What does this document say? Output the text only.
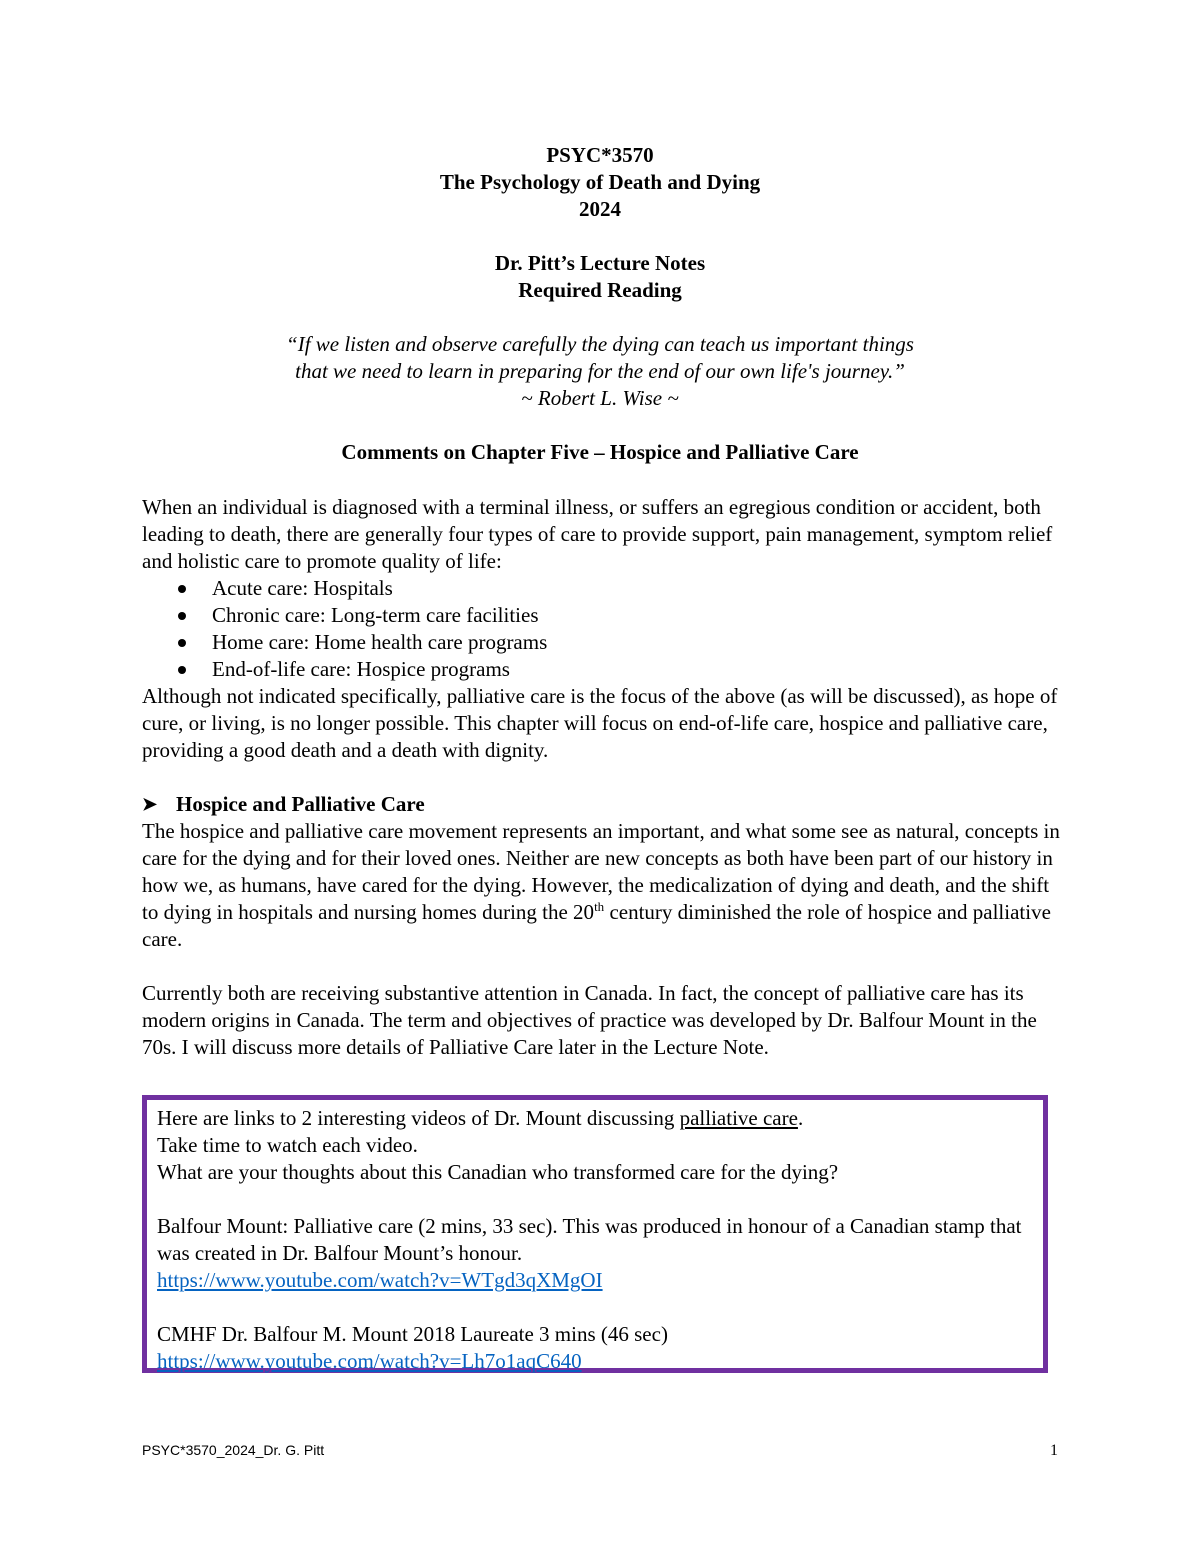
PSYC*3570
The Psychology of Death and Dying
2024
Dr. Pitt’s Lecture Notes
Required Reading
“If we listen and observe carefully the dying can teach us important things
that we need to learn in preparing for the end of our own life's journey.”
~ Robert L. Wise ~
Comments on Chapter Five – Hospice and Palliative Care

When an individual is diagnosed with a terminal illness, or suffers an egregious condition or accident, both leading to death, there are generally four types of care to provide support, pain management, symptom relief and holistic care to promote quality of life:

Acute care: Hospitals
Chronic care: Long-term care facilities
Home care: Home health care programs
End-of-life care: Hospice programs

Although not indicated specifically, palliative care is the focus of the above (as will be discussed), as hope of cure, or living, is no longer possible. This chapter will focus on end-of-life care, hospice and palliative care, providing a good death and a death with dignity.

➤ Hospice and Palliative Care

The hospice and palliative care movement represents an important, and what some see as natural, concepts in care for the dying and for their loved ones. Neither are new concepts as both have been part of our history in how we, as humans, have cared for the dying. However, the medicalization of dying and death, and the shift to dying in hospitals and nursing homes during the 20th century diminished the role of hospice and palliative care.

Currently both are receiving substantive attention in Canada. In fact, the concept of palliative care has its modern origins in Canada. The term and objectives of practice was developed by Dr. Balfour Mount in the 70s. I will discuss more details of Palliative Care later in the Lecture Note.

Here are links to 2 interesting videos of Dr. Mount discussing palliative care.

Take time to watch each video.

What are your thoughts about this Canadian who transformed care for the dying?

Balfour Mount: Palliative care (2 mins, 33 sec). This was produced in honour of a Canadian stamp that was created in Dr. Balfour Mount’s honour.

https://www.youtube.com/watch?v=WTgd3qXMgOI

CMHF Dr. Balfour M. Mount 2018 Laureate 3 mins (46 sec)

https://www.youtube.com/watch?v=Lh7o1aqC640

PSYC*3570_2024_Dr. G. Pitt	1
